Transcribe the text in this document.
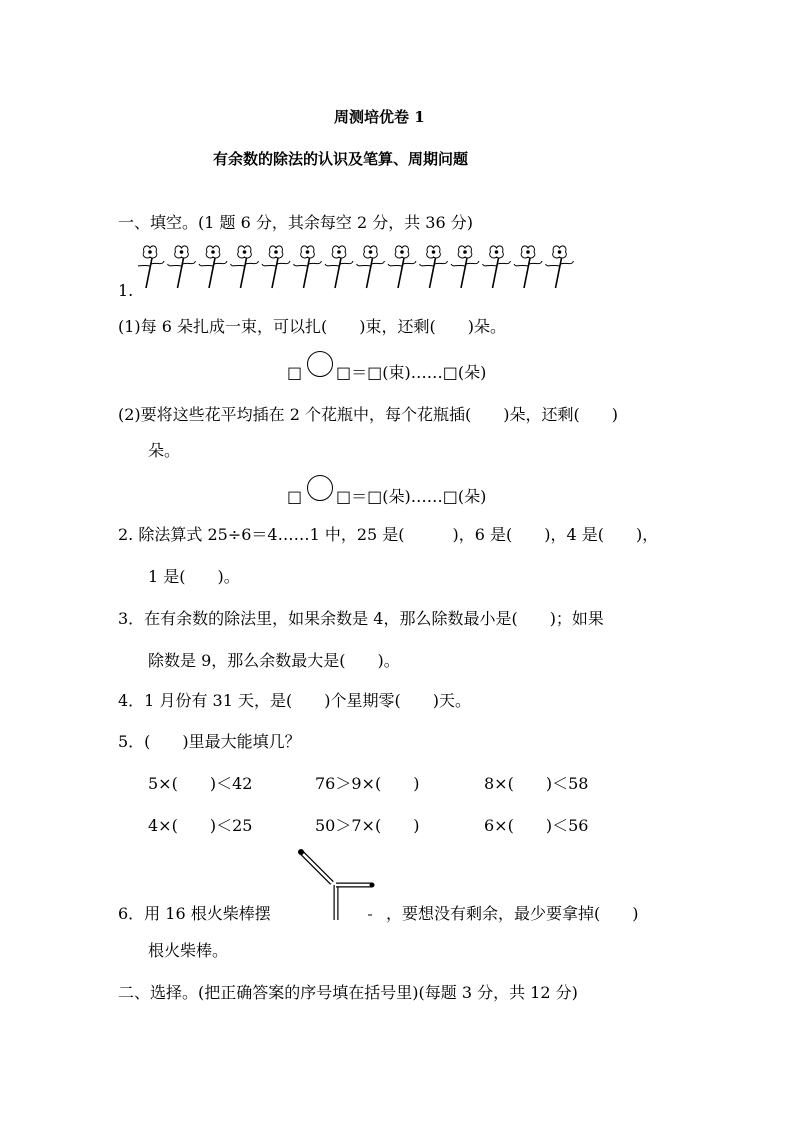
周测培优卷 1
有余数的除法的认识及笔算、周期问题
一、填空。(1 题 6 分，其余每空 2 分，共 36 分)
1.
(1)每 6 朵扎成一束，可以扎(　　)束，还剩(　　)朵。
□ □＝□(束)……□(朵)
(2)要将这些花平均插在 2 个花瓶中，每个花瓶插(　　)朵，还剩(　　)
朵。
□ □＝□(朵)……□(朵)
2. 除法算式 25÷6＝4……1 中，25 是(　　　)，6 是(　　)，4 是(　　)，
1 是(　　)。
3．在有余数的除法里，如果余数是 4，那么除数最小是(　　)；如果
除数是 9，那么余数最大是(　　)。
4．1 月份有 31 天，是(　　)个星期零(　　)天。
5．(　　)里最大能填几？
5×(　　)＜42	76＞9×(　　)	8×(　　)＜58
4×(　　)＜25	50＞7×(　　)	6×(　　)＜56
6．用 16 根火柴棒摆	，要想没有剩余，最少要拿掉(　　)
根火柴棒。
二、选择。(把正确答案的序号填在括号里)(每题 3 分，共 12 分)
